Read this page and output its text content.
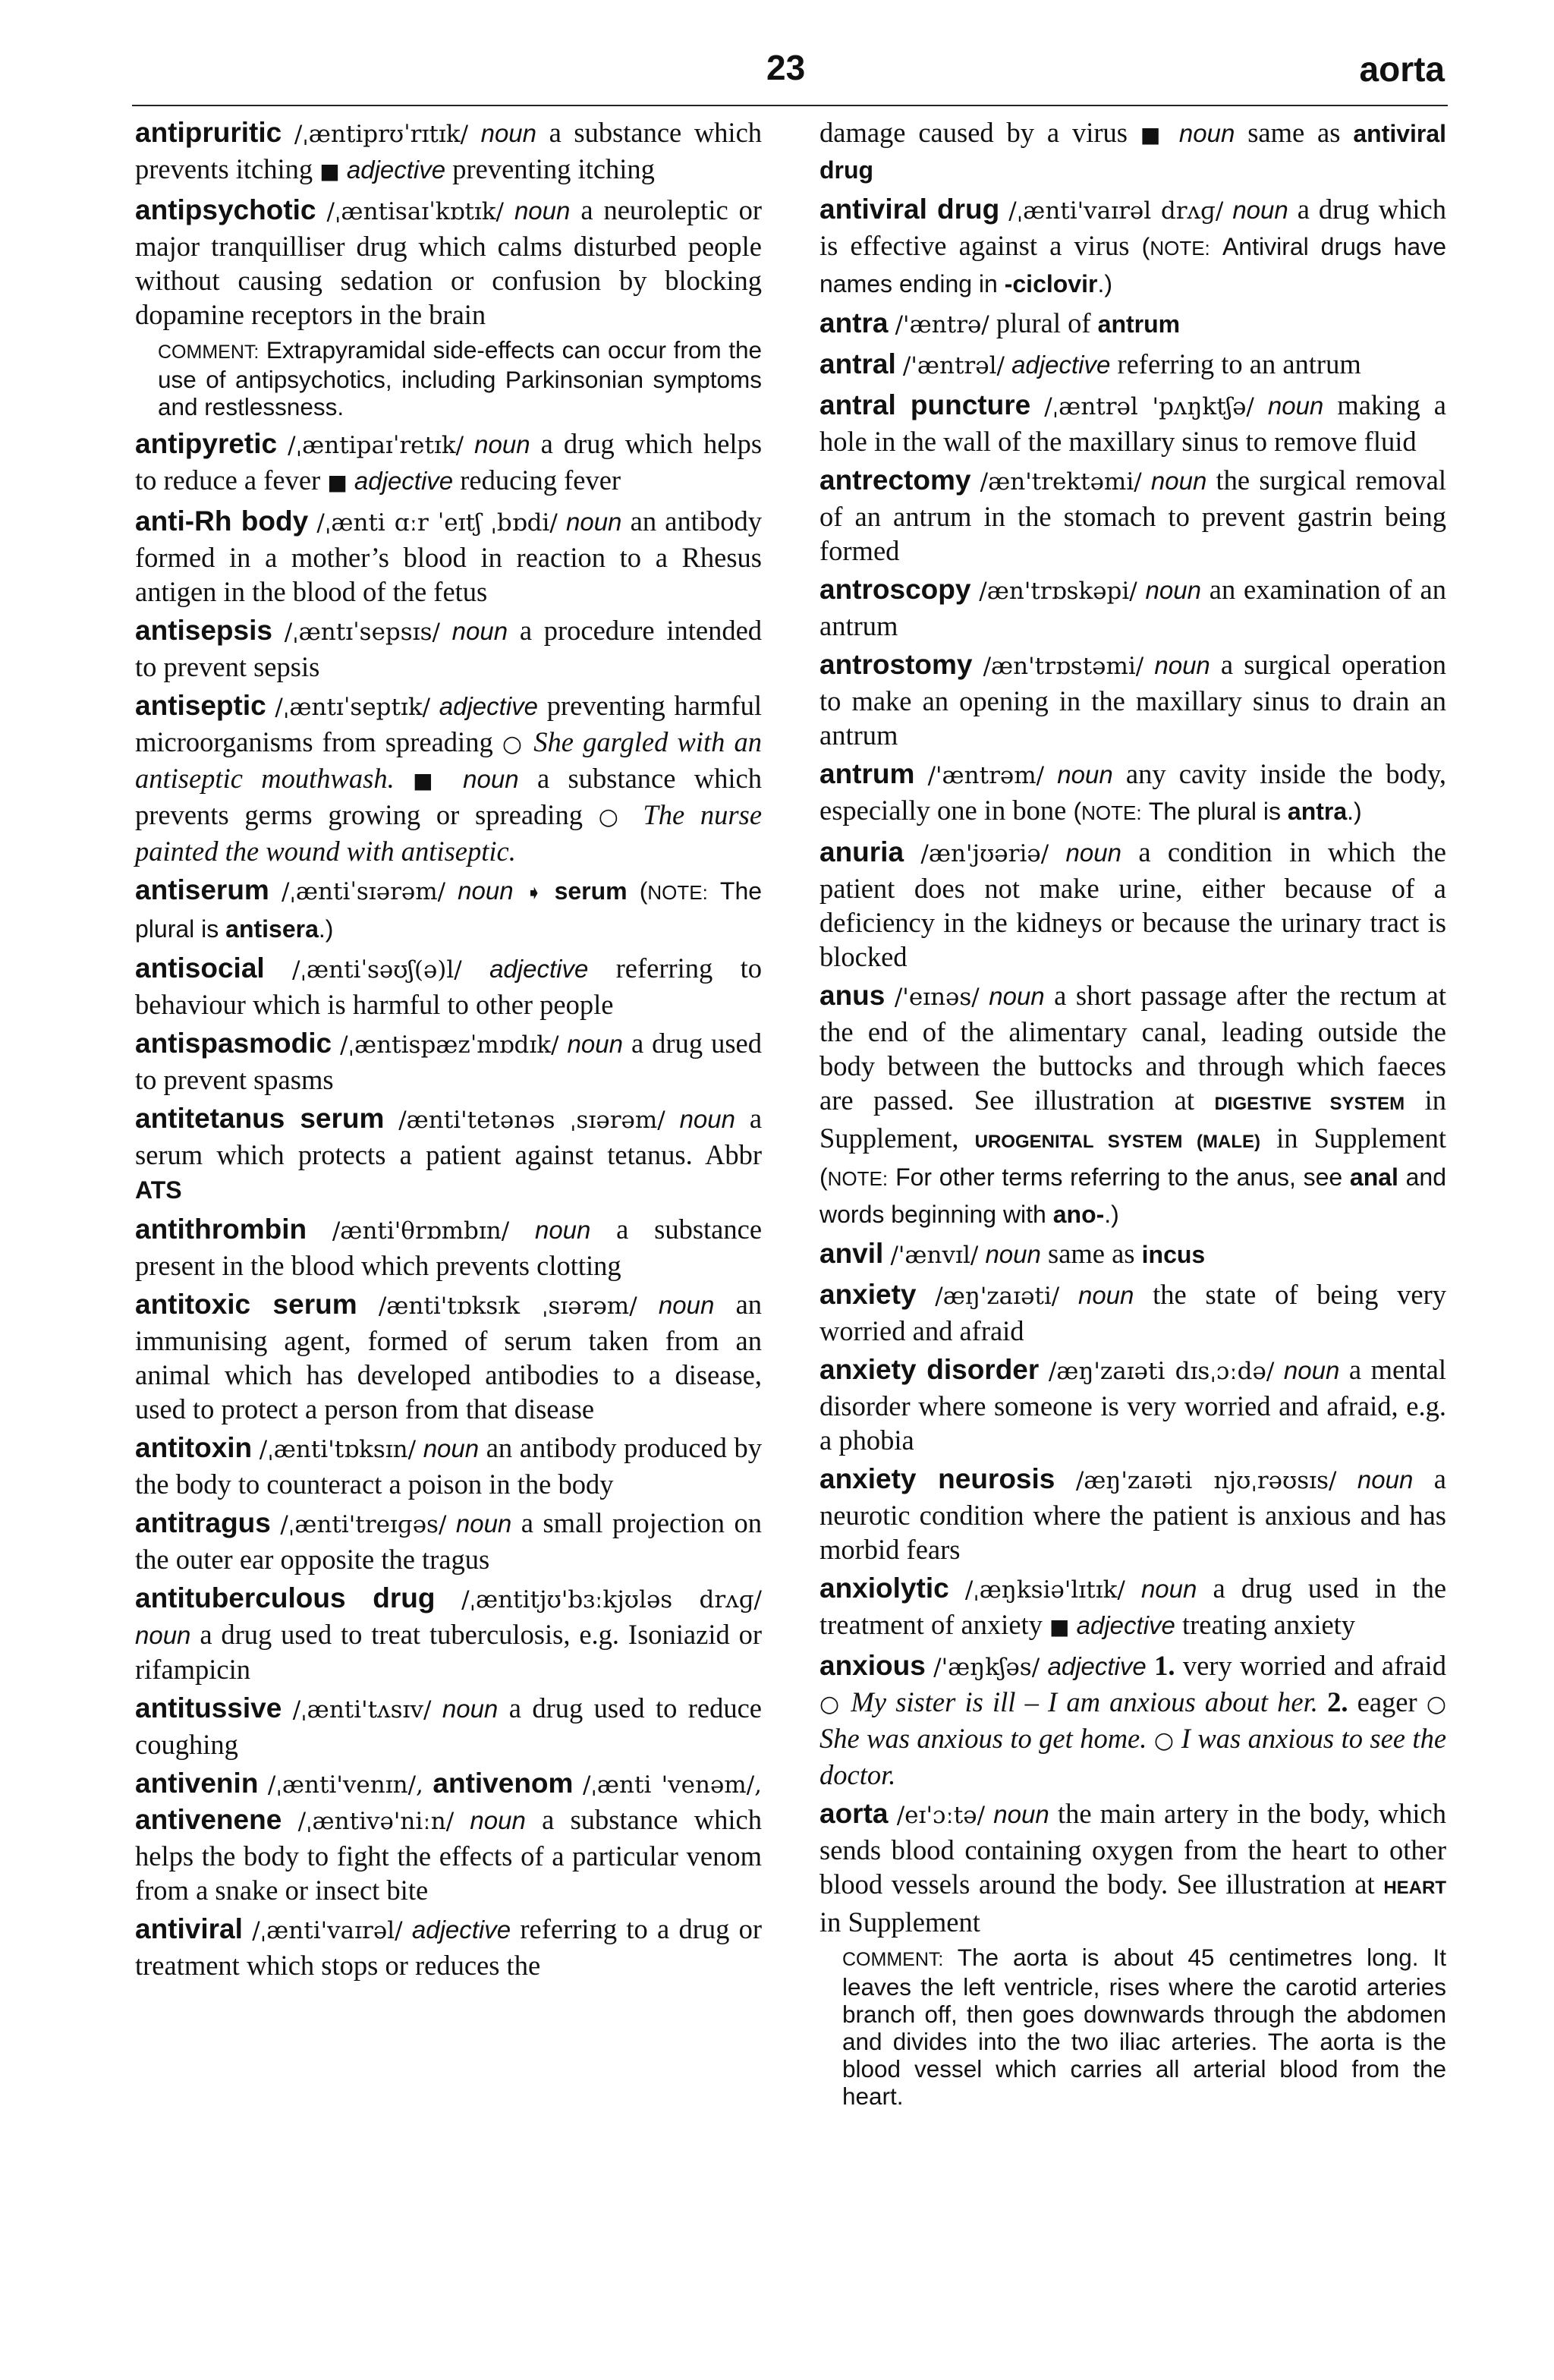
23	aorta

antipruritic /ˌæntiprʊˈrɪtɪk/ noun a substance which prevents itching ■ adjective preventing itching

antipsychotic /ˌæntisaɪˈkɒtɪk/ noun a neuroleptic or major tranquilliser drug which calms disturbed people without causing sedation or confusion by blocking dopamine receptors in the brain

COMMENT: Extrapyramidal side-effects can occur from the use of antipsychotics, including Parkinsonian symptoms and restlessness.

antipyretic /ˌæntipaɪˈretɪk/ noun a drug which helps to reduce a fever ■ adjective reducing fever

anti-Rh body /ˌænti ɑːr ˈeɪtʃ ˌbɒdi/ noun an antibody formed in a mother’s blood in reaction to a Rhesus antigen in the blood of the fetus

antisepsis /ˌæntɪˈsepsɪs/ noun a procedure intended to prevent sepsis

antiseptic /ˌæntɪˈseptɪk/ adjective preventing harmful microorganisms from spreading ○ She gargled with an antiseptic mouthwash. ■ noun a substance which prevents germs growing or spreading ○ The nurse painted the wound with antiseptic.

antiserum /ˌæntiˈsɪərəm/ noun ➧ serum (NOTE: The plural is antisera.)

antisocial /ˌæntiˈsəʊʃ(ə)l/ adjective referring to behaviour which is harmful to other people

antispasmodic /ˌæntispæzˈmɒdɪk/ noun a drug used to prevent spasms

antitetanus serum /ænti'tetənəs ˌsɪərəm/ noun a serum which protects a patient against tetanus. Abbr ATS

antithrombin /ænti'θrɒmbɪn/ noun a substance present in the blood which prevents clotting

antitoxic serum /ænti'tɒksɪk ˌsɪərəm/ noun an immunising agent, formed of serum taken from an animal which has developed antibodies to a disease, used to protect a person from that disease

antitoxin /ˌænti'tɒksɪn/ noun an antibody produced by the body to counteract a poison in the body

antitragus /ˌænti'treɪɡəs/ noun a small projection on the outer ear opposite the tragus

antituberculous drug /ˌæntitjʊ'bɜːkjʊləs drʌɡ/ noun a drug used to treat tuberculosis, e.g. Isoniazid or rifampicin

antitussive /ˌænti'tʌsɪv/ noun a drug used to reduce coughing

antivenin /ˌænti'venɪn/, antivenom /ˌænti 'venəm/, antivenene /ˌæntivə'niːn/ noun a substance which helps the body to fight the effects of a particular venom from a snake or insect bite

antiviral /ˌænti'vaɪrəl/ adjective referring to a drug or treatment which stops or reduces the

damage caused by a virus ■ noun same as antiviral drug

antiviral drug /ˌænti'vaɪrəl drʌɡ/ noun a drug which is effective against a virus (NOTE: Antiviral drugs have names ending in -ciclovir.)

antra /'æntrə/ plural of antrum

antral /'æntrəl/ adjective referring to an antrum

antral puncture /ˌæntrəl 'pʌŋktʃə/ noun making a hole in the wall of the maxillary sinus to remove fluid

antrectomy /æn'trektəmi/ noun the surgical removal of an antrum in the stomach to prevent gastrin being formed

antroscopy /æn'trɒskəpi/ noun an examination of an antrum

antrostomy /æn'trɒstəmi/ noun a surgical operation to make an opening in the maxillary sinus to drain an antrum

antrum /'æntrəm/ noun any cavity inside the body, especially one in bone (NOTE: The plural is antra.)

anuria /æn'jʊəriə/ noun a condition in which the patient does not make urine, either because of a deficiency in the kidneys or because the urinary tract is blocked

anus /'eɪnəs/ noun a short passage after the rectum at the end of the alimentary canal, leading outside the body between the buttocks and through which faeces are passed. See illustration at DIGESTIVE SYSTEM in Supplement, UROGENITAL SYSTEM (MALE) in Supplement (NOTE: For other terms referring to the anus, see anal and words beginning with ano-.)

anvil /'ænvɪl/ noun same as incus

anxiety /æŋ'zaɪəti/ noun the state of being very worried and afraid

anxiety disorder /æŋ'zaɪəti dɪsˌɔːdə/ noun a mental disorder where someone is very worried and afraid, e.g. a phobia

anxiety neurosis /æŋ'zaɪəti njʊˌrəʊsɪs/ noun a neurotic condition where the patient is anxious and has morbid fears

anxiolytic /ˌæŋksiə'lɪtɪk/ noun a drug used in the treatment of anxiety ■ adjective treating anxiety

anxious /'æŋkʃəs/ adjective 1. very worried and afraid ○ My sister is ill – I am anxious about her. 2. eager ○ She was anxious to get home. ○ I was anxious to see the doctor.

aorta /eɪ'ɔːtə/ noun the main artery in the body, which sends blood containing oxygen from the heart to other blood vessels around the body. See illustration at HEART in Supplement

COMMENT: The aorta is about 45 centimetres long. It leaves the left ventricle, rises where the carotid arteries branch off, then goes downwards through the abdomen and divides into the two iliac arteries. The aorta is the blood vessel which carries all arterial blood from the heart.
